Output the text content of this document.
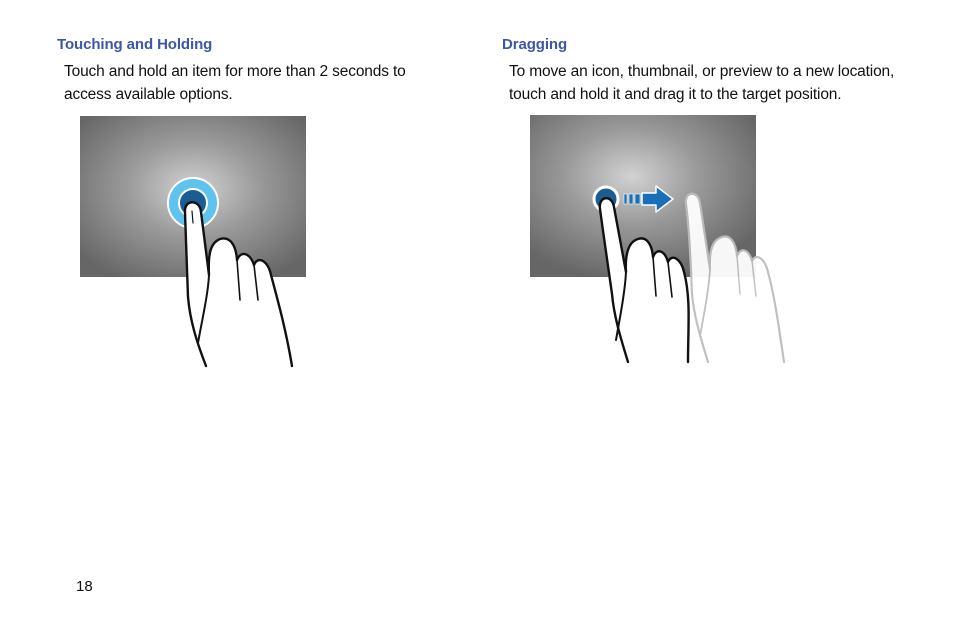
Touching and Holding

Touch and hold an item for more than 2 seconds to access available options.

Dragging

To move an icon, thumbnail, or preview to a new location, touch and hold it and drag it to the target position.

18
